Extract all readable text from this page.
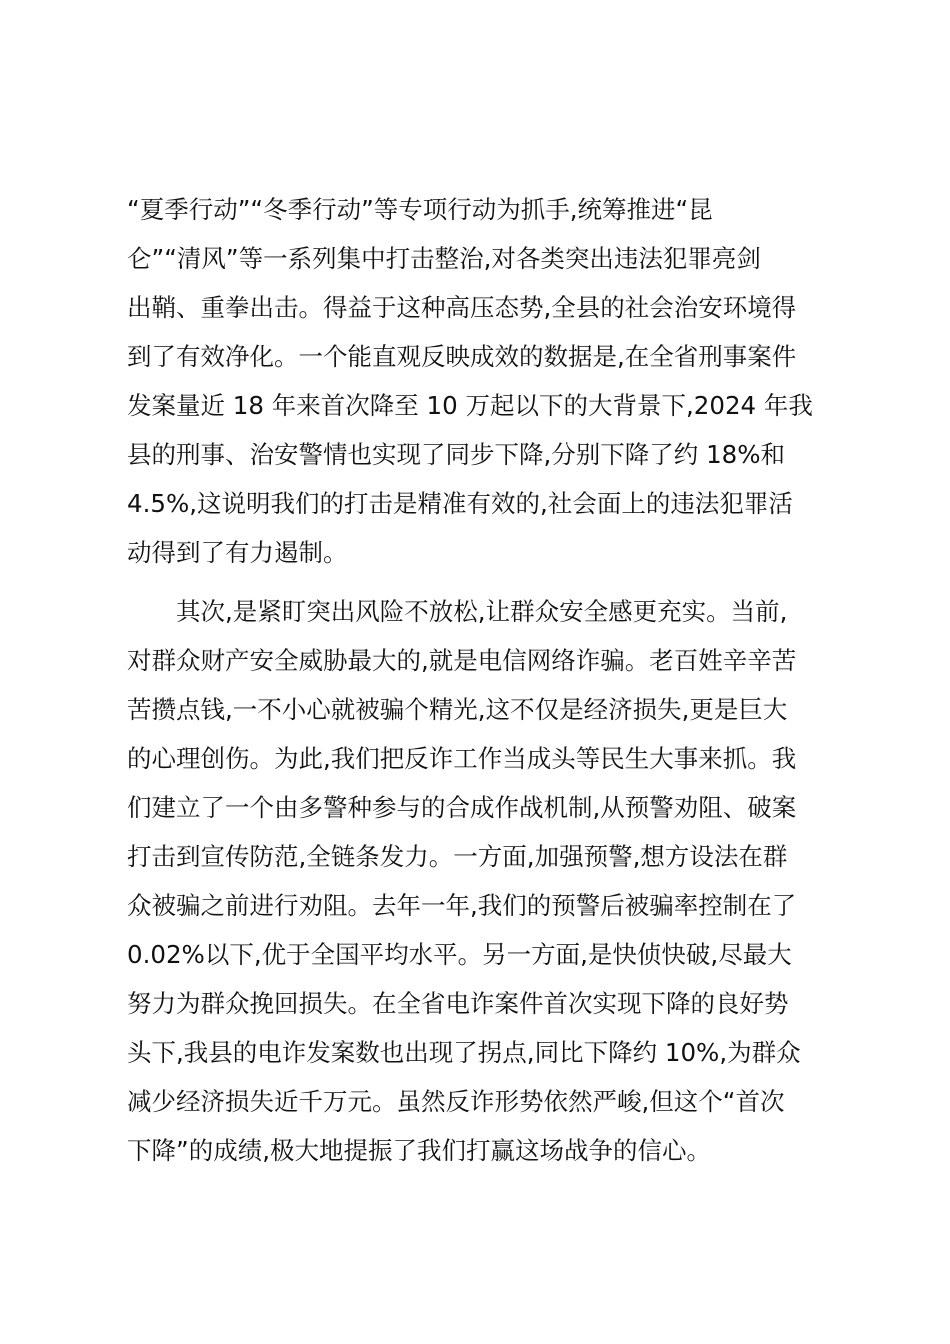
“夏季行动”“冬季行动”等专项行动为抓手,统筹推进“昆
仑”“清风”等一系列集中打击整治,对各类突出违法犯罪亮剑
出鞘、重拳出击。得益于这种高压态势,全县的社会治安环境得
到了有效净化。一个能直观反映成效的数据是,在全省刑事案件
发案量近 18 年来首次降至 10 万起以下的大背景下,2024 年我
县的刑事、治安警情也实现了同步下降,分别下降了约 18%和
4.5%,这说明我们的打击是精准有效的,社会面上的违法犯罪活
动得到了有力遏制。
　　其次,是紧盯突出风险不放松,让群众安全感更充实。当前,
对群众财产安全威胁最大的,就是电信网络诈骗。老百姓辛辛苦
苦攒点钱,一不小心就被骗个精光,这不仅是经济损失,更是巨大
的心理创伤。为此,我们把反诈工作当成头等民生大事来抓。我
们建立了一个由多警种参与的合成作战机制,从预警劝阻、破案
打击到宣传防范,全链条发力。一方面,加强预警,想方设法在群
众被骗之前进行劝阻。去年一年,我们的预警后被骗率控制在了
0.02%以下,优于全国平均水平。另一方面,是快侦快破,尽最大
努力为群众挽回损失。在全省电诈案件首次实现下降的良好势
头下,我县的电诈发案数也出现了拐点,同比下降约 10%,为群众
减少经济损失近千万元。虽然反诈形势依然严峻,但这个“首次
下降”的成绩,极大地提振了我们打赢这场战争的信心。
